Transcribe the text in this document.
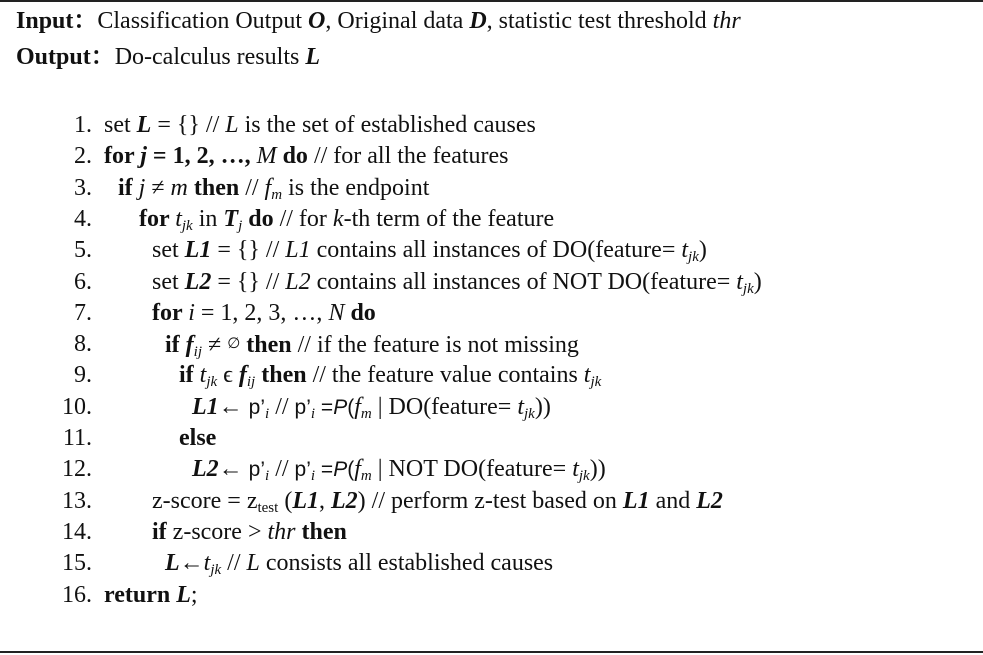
Input：Classification Output O, Original data D, statistic test threshold thr
Output：Do-calculus results L
1. set L = {} // L is the set of established causes
2. for j = 1, 2, …, M do // for all the features
3. if j ≠ m then // $f_m$ is the endpoint
4. for $t_{jk}$ in $T_j$ do // for k-th term of the feature
5.	set L1 = {} // L1 contains all instances of DO(feature= $t_{jk}$)
6.	set L2 = {} // L2 contains all instances of NOT DO(feature= $t_{jk}$)
7.	for i = 1, 2, 3, …, N do
8.	if $f_{ij}$ ≠ ∅ then // if the feature is not missing
9.	if $t_{jk}$ ϵ $f_{ij}$ then // the feature value contains $t_{jk}$
10.	L1← $p’_i$ // $p’_i =P(f_m$ | DO(feature= $t_{jk}$))
11.	else
12.	L2← $p’_i$ // $p’_i =P(f_m$ | NOT DO(feature= $t_{jk}$))
13.	z-score = $z_{test}$ (L1, L2) // perform z-test based on L1 and L2
14.	if z-score > thr then
15.	$L\leftarrow t_{jk}$ // L consists all established causes
16. return L;
